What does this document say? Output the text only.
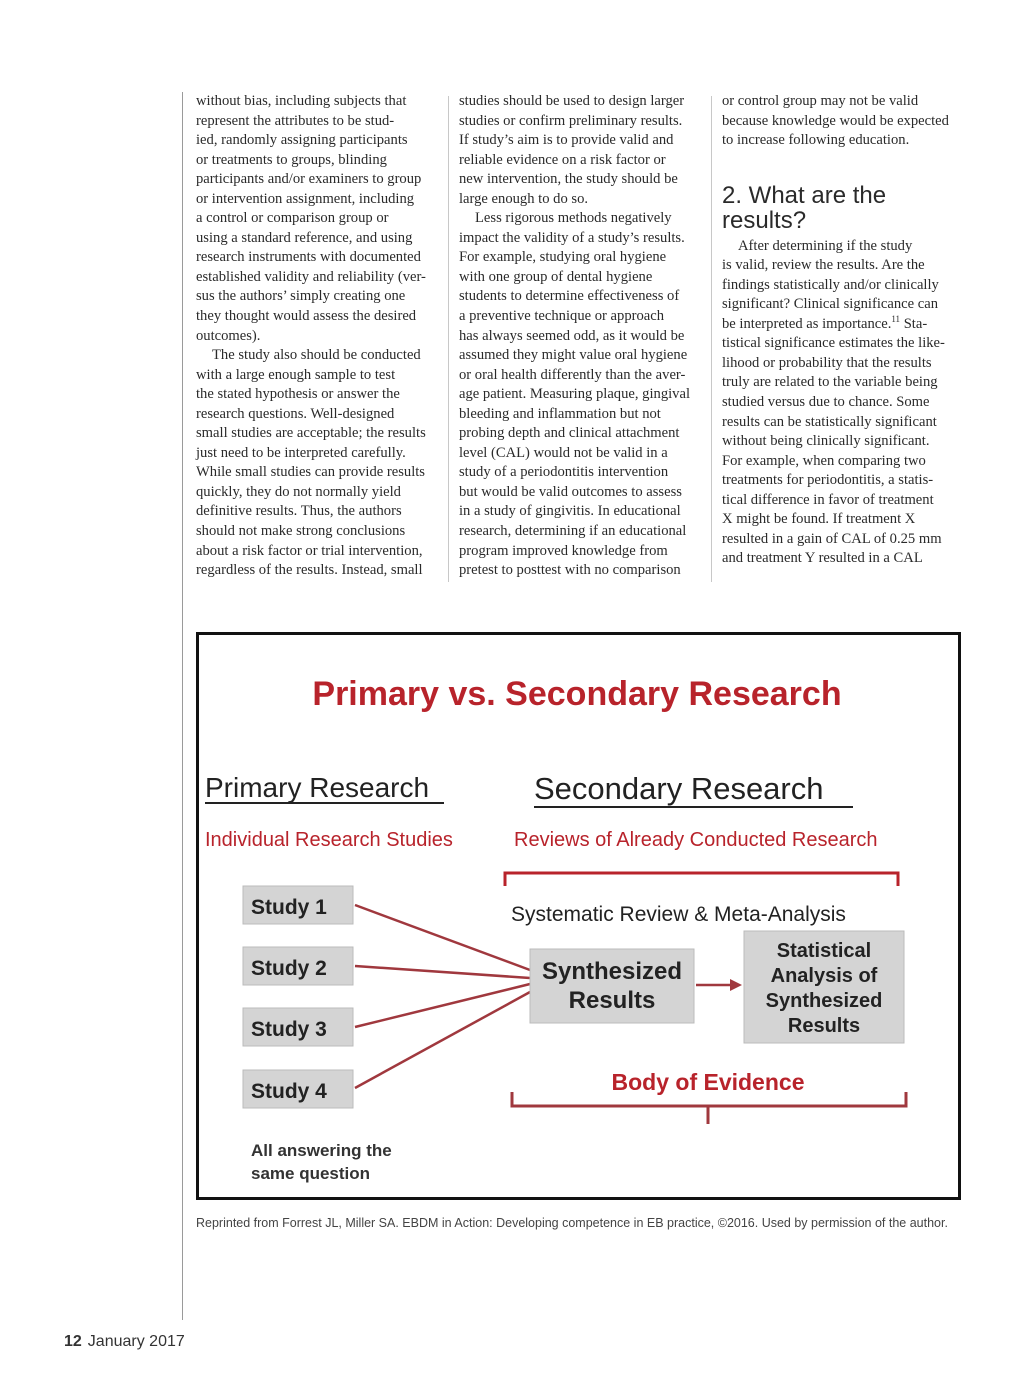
without bias, including subjects that
represent the attributes to be stud-
ied, randomly assigning participants
or treatments to groups, blinding
participants and/or examiners to group
or intervention assignment, including
a control or comparison group or
using a standard reference, and using
research instruments with documented
established validity and reliability (ver-
sus the authors’ simply creating one
they thought would assess the desired
outcomes).

The study also should be conducted
with a large enough sample to test
the stated hypothesis or answer the
research questions. Well-designed
small studies are acceptable; the results
just need to be interpreted carefully.
While small studies can provide results
quickly, they do not normally yield
definitive results. Thus, the authors
should not make strong conclusions
about a risk factor or trial intervention,
regardless of the results. Instead, small

studies should be used to design larger
studies or confirm preliminary results.
If study’s aim is to provide valid and
reliable evidence on a risk factor or
new intervention, the study should be
large enough to do so.

Less rigorous methods negatively
impact the validity of a study’s results.
For example, studying oral hygiene
with one group of dental hygiene
students to determine effectiveness of
a preventive technique or approach
has always seemed odd, as it would be
assumed they might value oral hygiene
or oral health differently than the aver-
age patient. Measuring plaque, gingival
bleeding and inflammation but not
probing depth and clinical attachment
level (CAL) would not be valid in a
study of a periodontitis intervention
but would be valid outcomes to assess
in a study of gingivitis. In educational
research, determining if an educational
program improved knowledge from
pretest to posttest with no comparison

or control group may not be valid
because knowledge would be expected
to increase following education.

2. What are the
results?

After determining if the study
is valid, review the results. Are the
findings statistically and/or clinically
significant? Clinical significance can
be interpreted as importance.$^{11}$ Sta-
tistical significance estimates the like-
lihood or probability that the results
truly are related to the variable being
studied versus due to chance. Some
results can be statistically significant
without being clinically significant.
For example, when comparing two
treatments for periodontitis, a statis-
tical difference in favor of treatment
X might be found. If treatment X
resulted in a gain of CAL of 0.25 mm
and treatment Y resulted in a CAL

Primary vs. Secondary Research
Primary Research
Individual Research Studies
Secondary Research
Reviews of Already Conducted Research
Systematic Review & Meta-Analysis
Study 1
Study 2
Study 3
Study 4
Synthesized
Results
Statistical
Analysis of
Synthesized
Results
Body of Evidence
All answering the
same question
Reprinted from Forrest JL, Miller SA. EBDM in Action: Developing competence in EB practice, ©2016. Used by permission of the author.
12 January 2017
